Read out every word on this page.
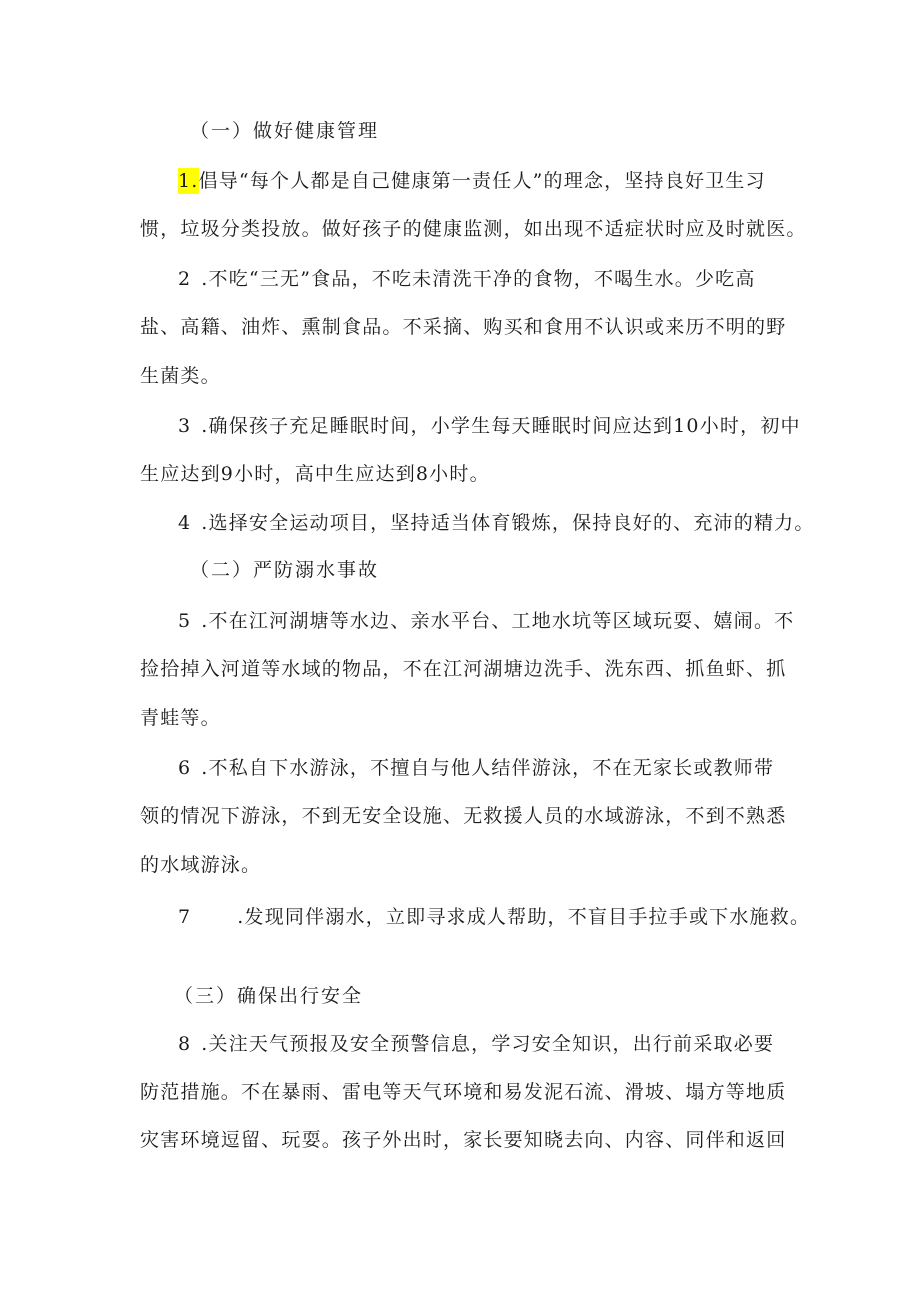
（一）做好健康管理
1.倡导“每个人都是自己健康第一责任人”的理念，坚持良好卫生习
惯，垃圾分类投放。做好孩子的健康监测，如出现不适症状时应及时就医。
2 .不吃“三无”食品，不吃未清洗干净的食物，不喝生水。少吃高
盐、高籍、油炸、熏制食品。不采摘、购买和食用不认识或来历不明的野
生菌类。
3 .确保孩子充足睡眠时间，小学生每天睡眠时间应达到10小时，初中
生应达到9小时，高中生应达到8小时。
4 .选择安全运动项目，坚持适当体育锻炼，保持良好的、充沛的精力。
（二）严防溺水事故
5 .不在江河湖塘等水边、亲水平台、工地水坑等区域玩耍、嬉闹。不
捡拾掉入河道等水域的物品，不在江河湖塘边洗手、洗东西、抓鱼虾、抓
青蛙等。
6 .不私自下水游泳，不擅自与他人结伴游泳，不在无家长或教师带
领的情况下游泳，不到无安全设施、无救援人员的水域游泳，不到不熟悉
的水域游泳。
7 .发现同伴溺水，立即寻求成人帮助，不盲目手拉手或下水施救。
（三）确保出行安全
8 .关注天气预报及安全预警信息，学习安全知识，出行前采取必要
防范措施。不在暴雨、雷电等天气环境和易发泥石流、滑坡、塌方等地质
灾害环境逗留、玩耍。孩子外出时，家长要知晓去向、内容、同伴和返回
